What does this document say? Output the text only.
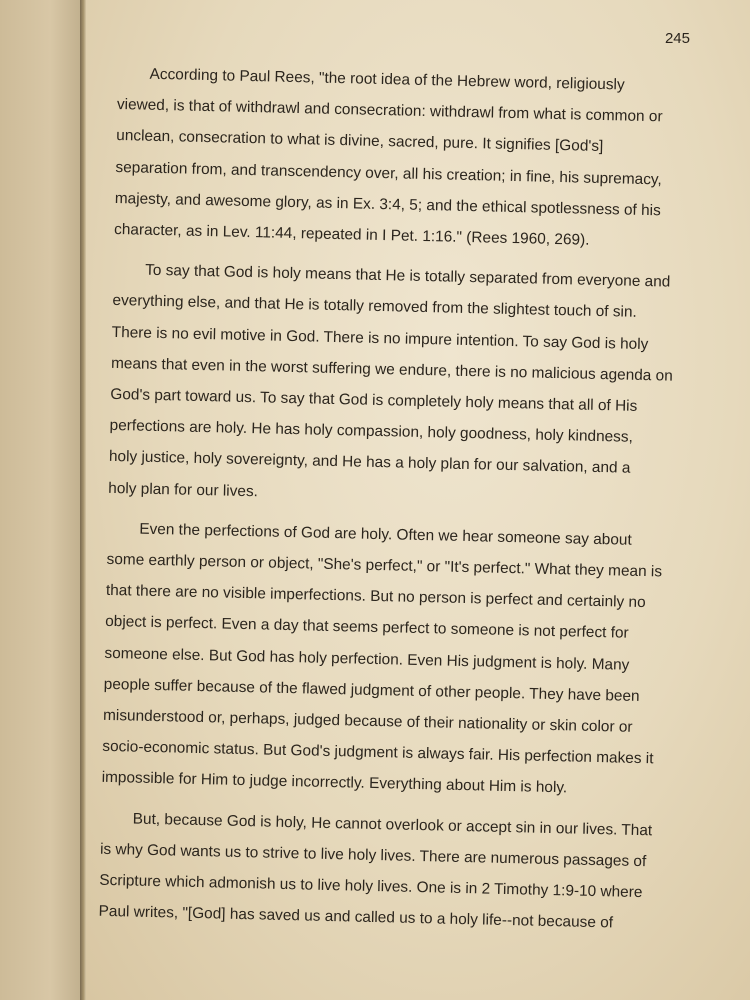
245

According to Paul Rees, "the root idea of the Hebrew word, religiously
viewed, is that of withdrawl and consecration: withdrawl from what is common or
unclean, consecration to what is divine, sacred, pure. It signifies [God's]
separation from, and transcendency over, all his creation; in fine, his supremacy,
majesty, and awesome glory, as in Ex. 3:4, 5; and the ethical spotlessness of his
character, as in Lev. 11:44, repeated in I Pet. 1:16." (Rees 1960, 269).
To say that God is holy means that He is totally separated from everyone and
everything else, and that He is totally removed from the slightest touch of sin.
There is no evil motive in God. There is no impure intention. To say God is holy
means that even in the worst suffering we endure, there is no malicious agenda on
God's part toward us. To say that God is completely holy means that all of His
perfections are holy. He has holy compassion, holy goodness, holy kindness,
holy justice, holy sovereignty, and He has a holy plan for our salvation, and a
holy plan for our lives.
Even the perfections of God are holy. Often we hear someone say about
some earthly person or object, "She's perfect," or "It's perfect." What they mean is
that there are no visible imperfections. But no person is perfect and certainly no
object is perfect. Even a day that seems perfect to someone is not perfect for
someone else. But God has holy perfection. Even His judgment is holy. Many
people suffer because of the flawed judgment of other people. They have been
misunderstood or, perhaps, judged because of their nationality or skin color or
socio-economic status. But God's judgment is always fair. His perfection makes it
impossible for Him to judge incorrectly. Everything about Him is holy.
But, because God is holy, He cannot overlook or accept sin in our lives. That
is why God wants us to strive to live holy lives. There are numerous passages of
Scripture which admonish us to live holy lives. One is in 2 Timothy 1:9-10 where
Paul writes, "[God] has saved us and called us to a holy life--not because of
